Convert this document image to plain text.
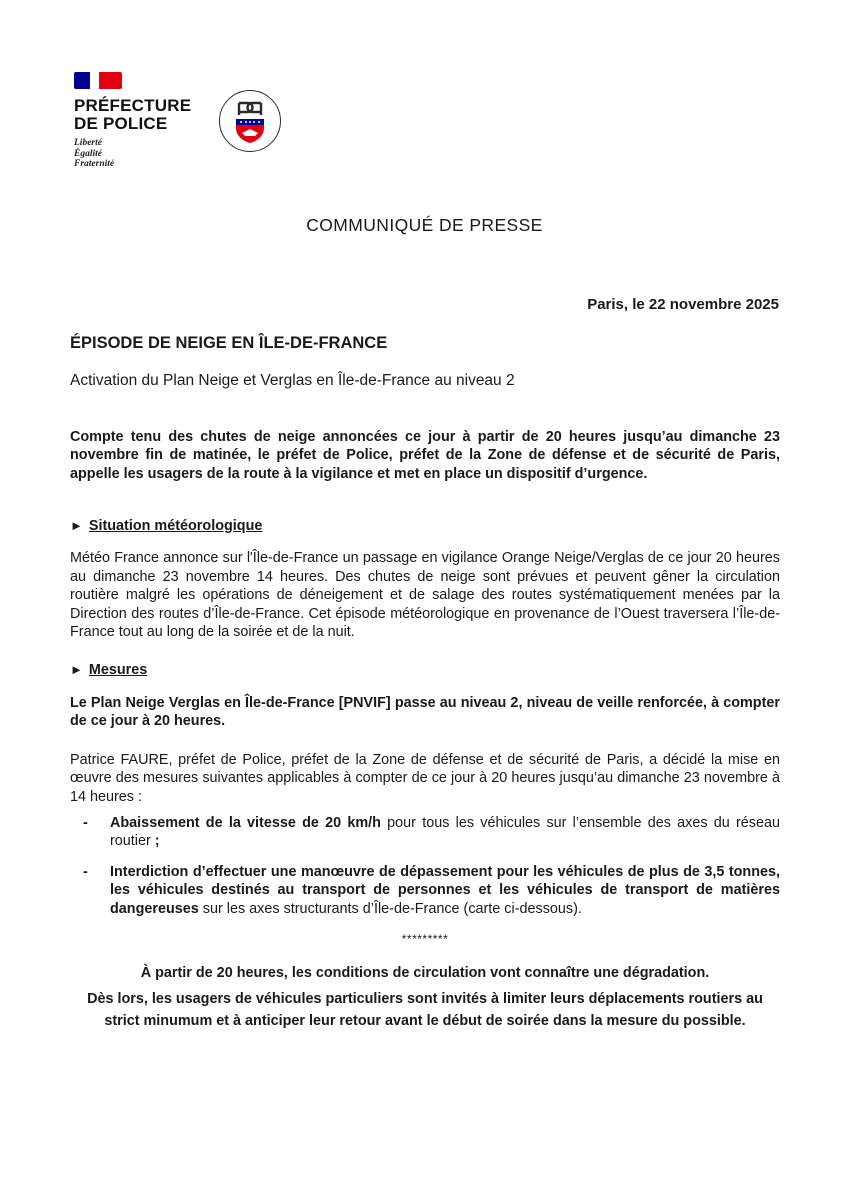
PRÉFECTURE
DE POLICE
Liberté
Égalité
Fraternité
COMMUNIQUÉ DE PRESSE
Paris, le 22 novembre 2025

ÉPISODE DE NEIGE EN ÎLE-DE-FRANCE

Activation du Plan Neige et Verglas en Île-de-France au niveau 2

Compte tenu des chutes de neige annoncées ce jour à partir de 20 heures jusqu’au dimanche 23 novembre fin de matinée, le préfet de Police, préfet de la Zone de défense et de sécurité de Paris, appelle les usagers de la route à la vigilance et met en place un dispositif d’urgence.

► Situation météorologique

Météo France annonce sur l'Île-de-France un passage en vigilance Orange Neige/Verglas de ce jour 20 heures au dimanche 23 novembre 14 heures. Des chutes de neige sont prévues et peuvent gêner la circulation routière malgré les opérations de déneigement et de salage des routes systématiquement menées par la Direction des routes d’Île-de-France. Cet épisode météorologique en provenance de l’Ouest traversera l’Île-de-France tout au long de la soirée et de la nuit.

► Mesures

Le Plan Neige Verglas en Île-de-France [PNVIF] passe au niveau 2, niveau de veille renforcée, à compter de ce jour à 20 heures.

Patrice FAURE, préfet de Police, préfet de la Zone de défense et de sécurité de Paris, a décidé la mise en œuvre des mesures suivantes applicables à compter de ce jour à 20 heures jusqu’au dimanche 23 novembre à 14 heures :

- Abaissement de la vitesse de 20 km/h pour tous les véhicules sur l’ensemble des axes du réseau routier ;
- Interdiction d’effectuer une manœuvre de dépassement pour les véhicules de plus de 3,5 tonnes, les véhicules destinés au transport de personnes et les véhicules de transport de matières dangereuses sur les axes structurants d’Île-de-France (carte ci-dessous).
*********

À partir de 20 heures, les conditions de circulation vont connaître une dégradation.

Dès lors, les usagers de véhicules particuliers sont invités à limiter leurs déplacements routiers au strict minumum et à anticiper leur retour avant le début de soirée dans la mesure du possible.
